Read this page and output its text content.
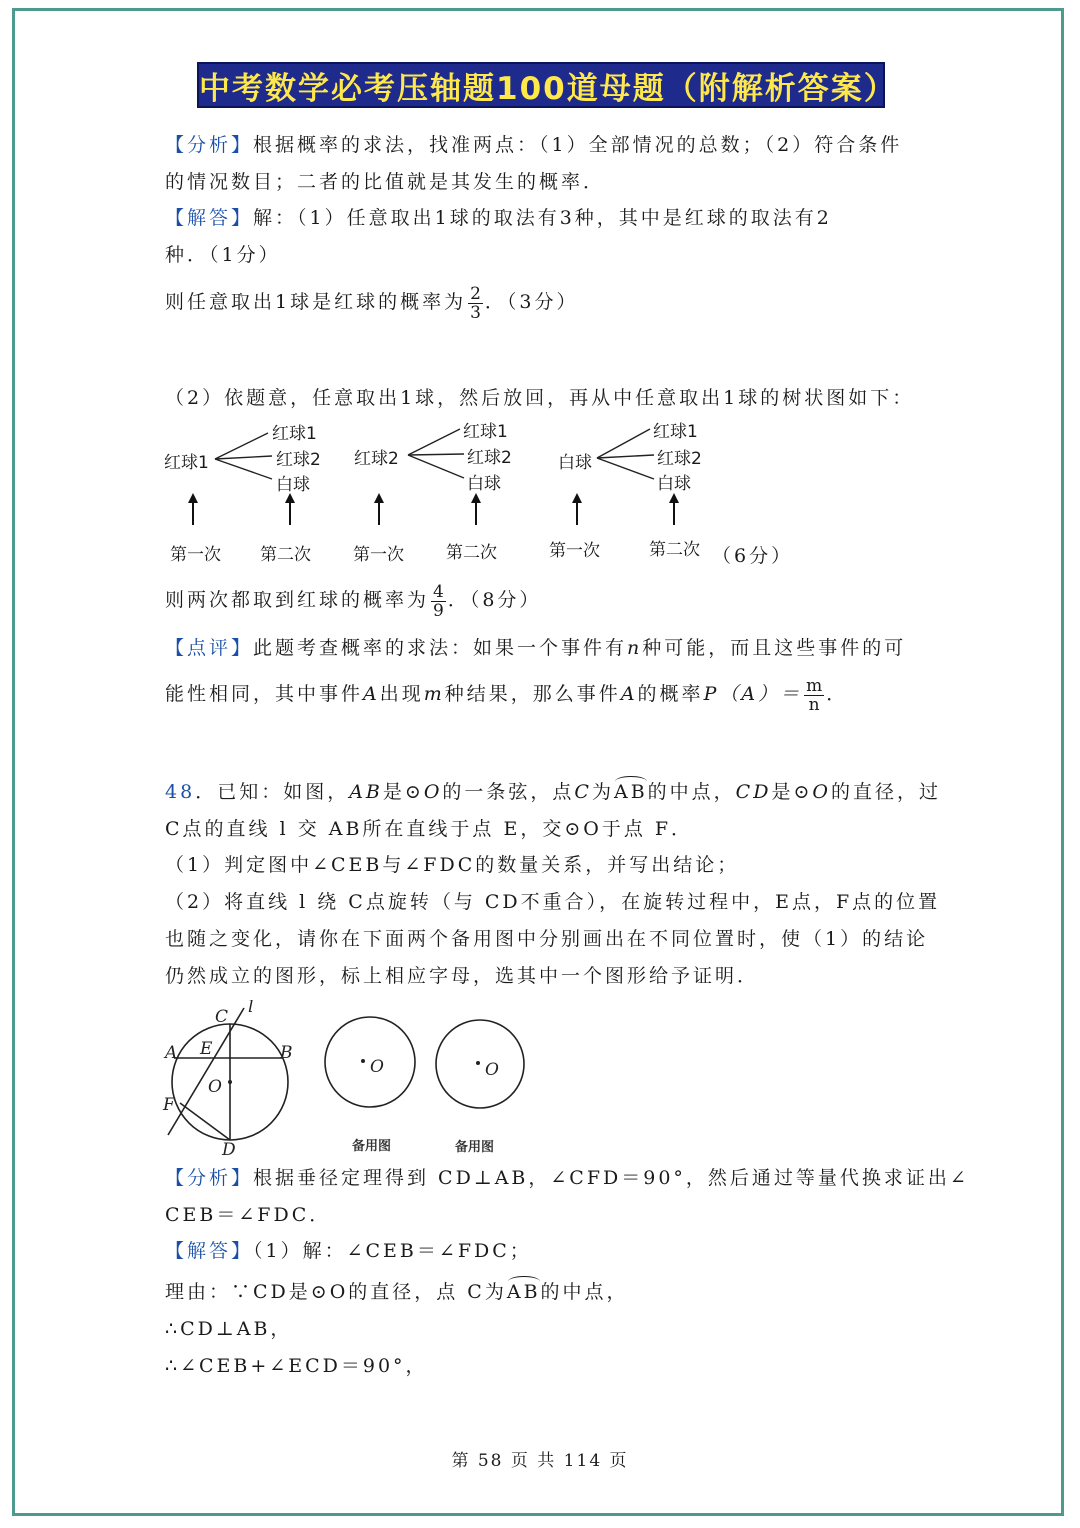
中考数学必考压轴题100道母题（附解析答案）
【分析】根据概率的求法，找准两点：（1）全部情况的总数；（2）符合条件
的情况数目；二者的比值就是其发生的概率．
【解答】解：（1）任意取出1球的取法有3种，其中是红球的取法有2
种．（1分）
则任意取出1球是红球的概率为 $\frac{2}{3}$ ．（3分）
（2）依题意，任意取出1球，然后放回，再从中任意取出1球的树状图如下：
红球1
红球1
红球2
白球
红球2
红球1
红球2
白球
白球
红球1
红球2
白球
第一次 第二次 第一次 第二次	第一次	第二次 （6分）
则两次都取到红球的概率为 $\frac{4}{9}$ ．（8分）
【点评】此题考查概率的求法：如果一个事件有n种可能，而且这些事件的可
能性相同，其中事件A出现m种结果，那么事件A的概率$P(A)= \frac{m}{n}$ ．
48．已知：如图，AB是⊙O的一条弦，点C为AB的中点，CD是⊙O的直径，过
C点的直线 l 交 AB所在直线于点 E，交⊙O于点 F．
（1）判定图中∠CEB与∠FDC的数量关系，并写出结论；
（2）将直线 l 绕 C点旋转（与 CD不重合），在旋转过程中，E点，F点的位置
也随之变化，请你在下面两个备用图中分别画出在不同位置时，使（1）的结论
仍然成立的图形，标上相应字母，选其中一个图形给予证明．
C l
A E	B
O
F
D
O	O
备用图	备用图
【分析】根据垂径定理得到 CD⊥AB，∠CFD＝90°，然后通过等量代换求证出∠
CEB＝∠FDC．
【解答】（1）解：∠CEB＝∠FDC；
理由：∵CD是⊙O的直径，点 C为AB的中点，
∴CD⊥AB，
∴∠CEB+∠ECD＝90°，
第 58 页 共 114 页
